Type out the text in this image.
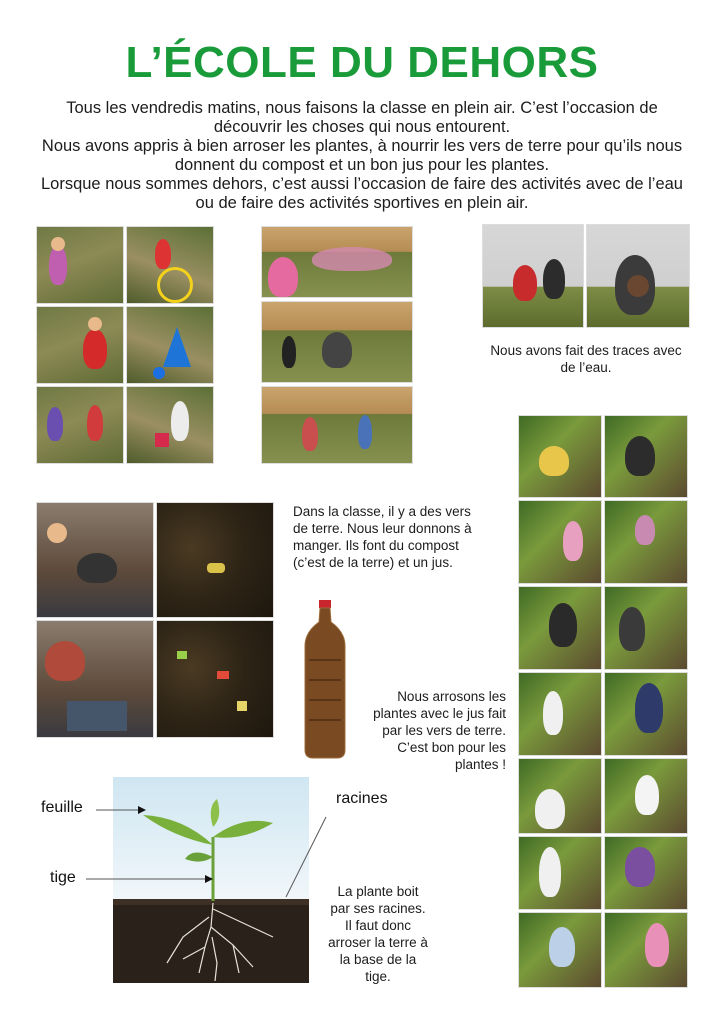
L’ÉCOLE DU DEHORS

Tous les vendredis matins, nous faisons la classe en plein air. C’est l’occasion de découvrir les choses qui nous entourent.

Nous avons appris à bien arroser les plantes, à nourrir les vers de terre pour qu’ils nous donnent du compost et un bon jus pour les plantes.

Lorsque nous sommes dehors, c’est aussi l’occasion de faire des activités avec de l’eau ou de faire des activités sportives en plein air.

Nous avons fait des traces avec de l’eau.
Dans la classe, il y a des vers de terre. Nous leur donnons à manger. Ils font du compost (c’est de la terre) et un jus.
Nous arrosons les plantes avec le jus fait par les vers de terre. C’est bon pour les plantes !
feuille
tige
racines
La plante boit par ses racines. Il faut donc arroser la terre à la base de la tige.
